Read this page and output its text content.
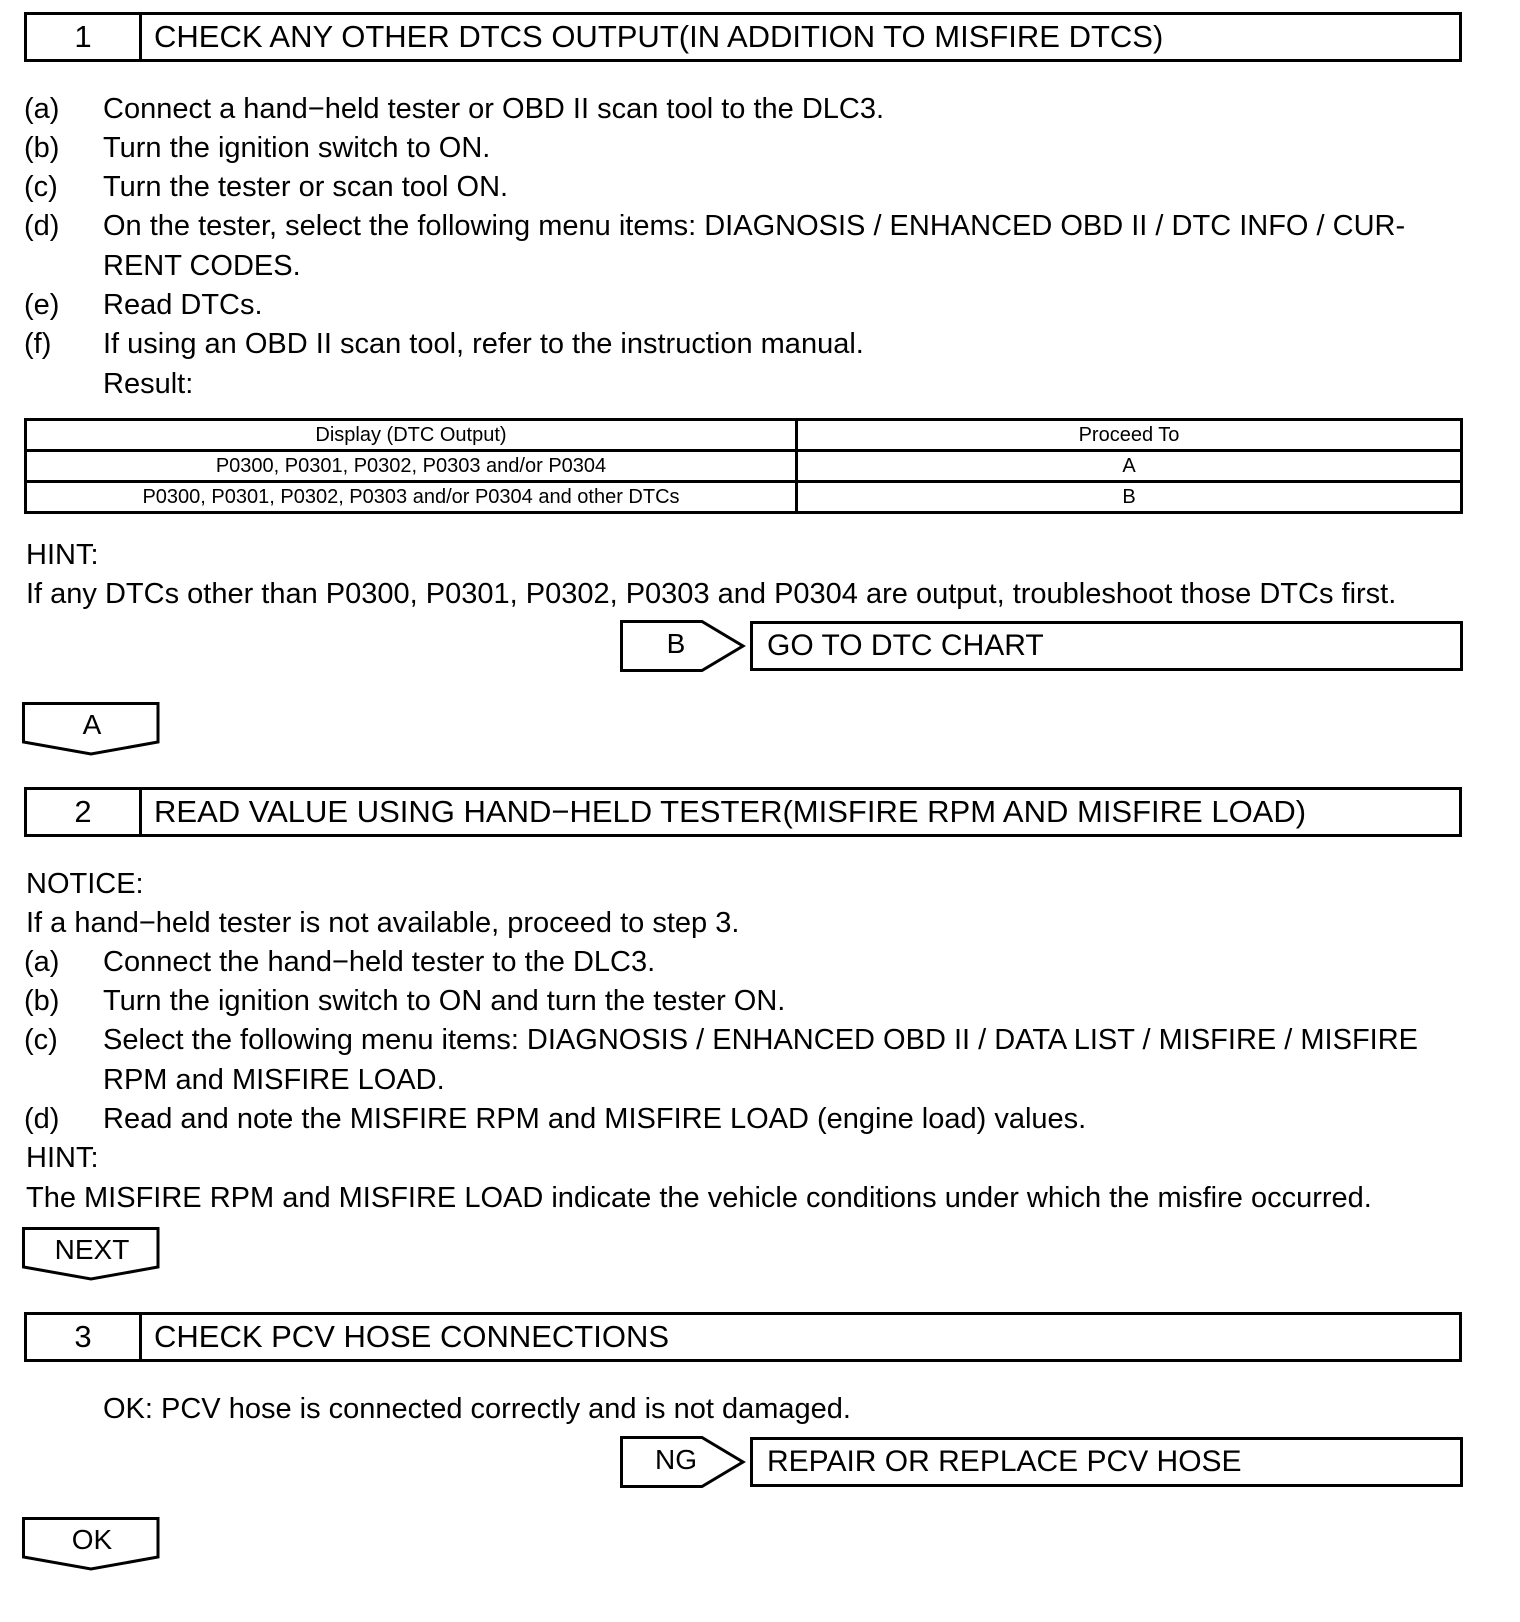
1	CHECK ANY OTHER DTCS OUTPUT(IN ADDITION TO MISFIRE DTCS)
(a) Connect a hand−held tester or OBD II scan tool to the DLC3.
(b) Turn the ignition switch to ON.
(c) Turn the tester or scan tool ON.
(d) On the tester, select the following menu items: DIAGNOSIS / ENHANCED OBD II / DTC INFO / CUR-
RENT CODES.
(e) Read DTCs.
(f) If using an OBD II scan tool, refer to the instruction manual.
Result:
Display (DTC Output)	Proceed To
P0300, P0301, P0302, P0303 and/or P0304	A
P0300, P0301, P0302, P0303 and/or P0304 and other DTCs	B
HINT:
If any DTCs other than P0300, P0301, P0302, P0303 and P0304 are output, troubleshoot those DTCs first.
B	GO TO DTC CHART
A
2	READ VALUE USING HAND−HELD TESTER(MISFIRE RPM AND MISFIRE LOAD)
NOTICE:
If a hand−held tester is not available, proceed to step 3.
(a) Connect the hand−held tester to the DLC3.
(b) Turn the ignition switch to ON and turn the tester ON.
(c) Select the following menu items: DIAGNOSIS / ENHANCED OBD II / DATA LIST / MISFIRE / MISFIRE
RPM and MISFIRE LOAD.
(d) Read and note the MISFIRE RPM and MISFIRE LOAD (engine load) values.
HINT:
The MISFIRE RPM and MISFIRE LOAD indicate the vehicle conditions under which the misfire occurred.
NEXT
3	CHECK PCV HOSE CONNECTIONS
OK: PCV hose is connected correctly and is not damaged.
NG	REPAIR OR REPLACE PCV HOSE
OK
